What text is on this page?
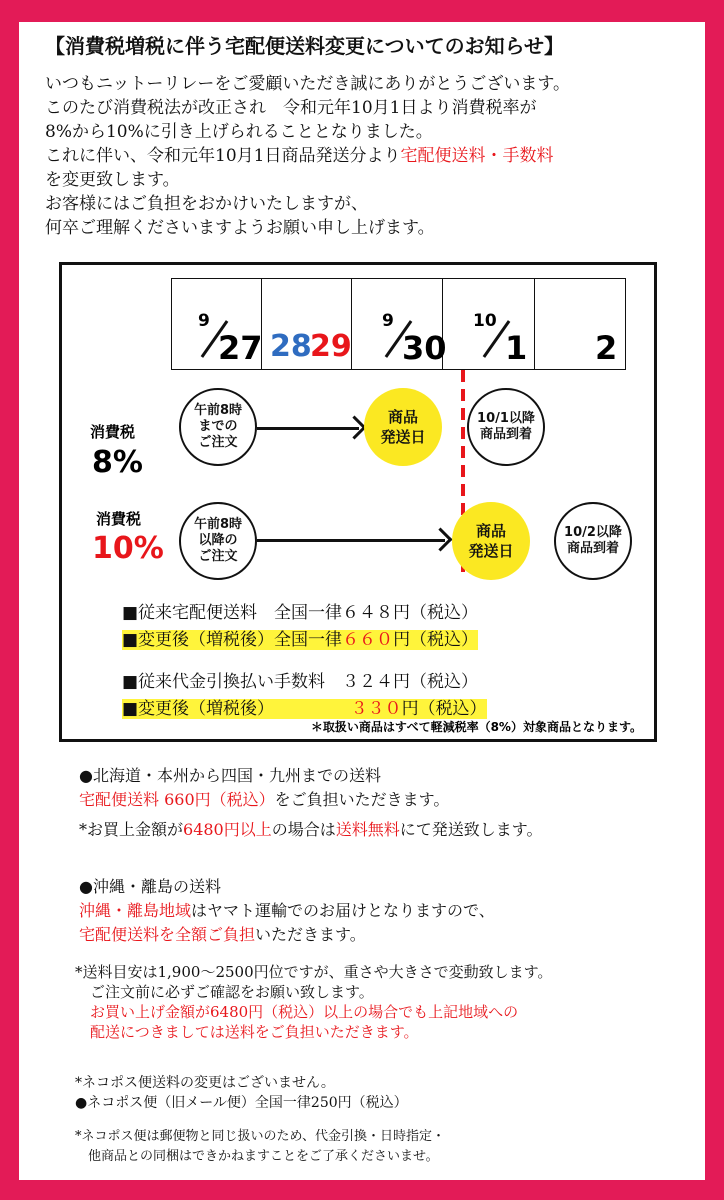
【消費税増税に伴う宅配便送料変更についてのお知らせ】
いつもニットーリレーをご愛顧いただき誠にありがとうございます。
このたび消費税法が改正され　令和元年10月1日より消費税率が
8%から10%に引き上げられることとなりました。
これに伴い、令和元年10月1日商品発送分より宅配便送料・手数料
を変更致します。
お客様にはご負担をおかけいたしますが、
何卒ご理解くださいますようお願い申し上げます。
9
27 28
29
9
30
10
1 2
消費税
8%
午前8時
までの
ご注文
商品
発送日
10/1以降
商品到着
消費税
10%
午前8時
以降の
ご注文
商品
発送日
10/2以降
商品到着
■従来宅配便送料　全国一律６４８円（税込）
■変更後（増税後）全国一律６６０円（税込）
■従来代金引換払い手数料　３２４円（税込）
■変更後（増税後）　　　　　３３０円（税込）
＊取扱い商品はすべて軽減税率（8%）対象商品となります。
●北海道・本州から四国・九州までの送料
宅配便送料 660円（税込）をご負担いただきます。
*お買上金額が6480円以上の場合は送料無料にて発送致します。
●沖縄・離島の送料
沖縄・離島地域はヤマト運輸でのお届けとなりますので、
宅配便送料を全額ご負担いただきます。
*送料目安は1,900～2500円位ですが、重さや大きさで変動致します。
　ご注文前に必ずご確認をお願い致します。
　お買い上げ金額が6480円（税込）以上の場合でも上記地域への
　配送につきましては送料をご負担いただきます。
*ネコポス便送料の変更はございません。
●ネコポス便（旧メール便）全国一律250円（税込）
*ネコポス便は郵便物と同じ扱いのため、代金引換・日時指定・
　他商品との同梱はできかねますことをご了承くださいませ。
